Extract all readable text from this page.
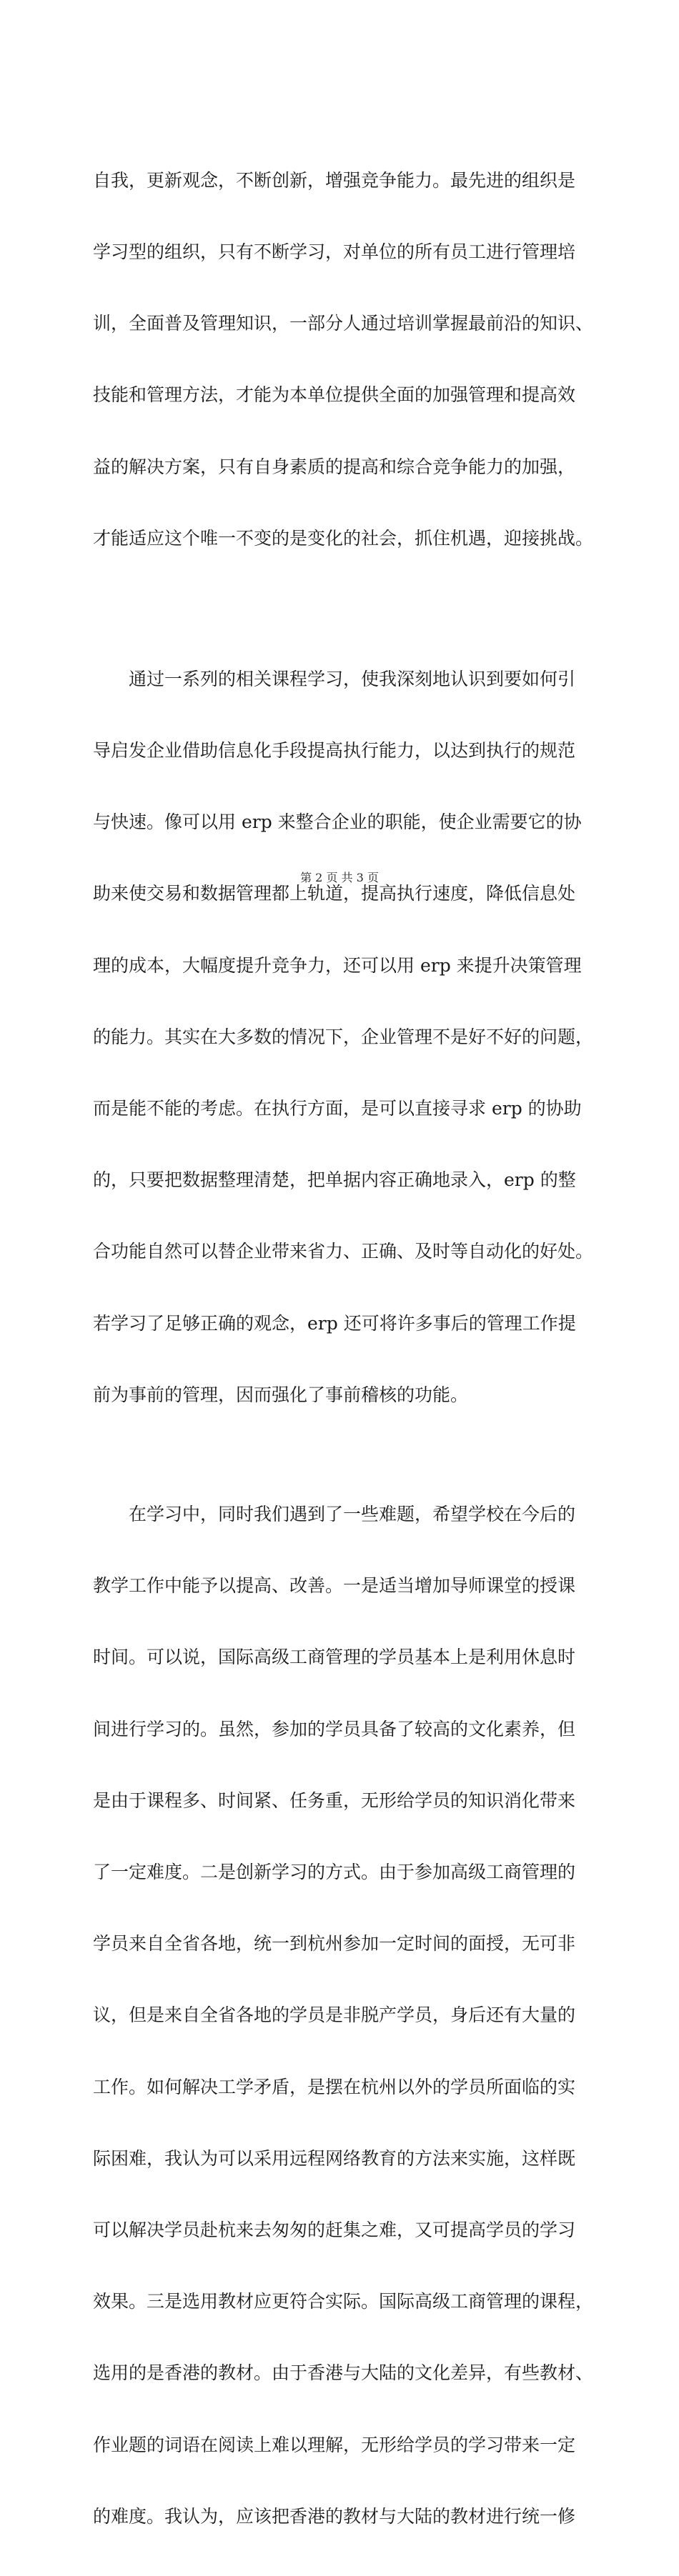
自我，更新观念，不断创新，增强竞争能力。最先进的组织是

学习型的组织，只有不断学习，对单位的所有员工进行管理培

训，全面普及管理知识，一部分人通过培训掌握最前沿的知识、

技能和管理方法，才能为本单位提供全面的加强管理和提高效

益的解决方案，只有自身素质的提高和综合竞争能力的加强，

才能适应这个唯一不变的是变化的社会，抓住机遇，迎接挑战。

　　通过一系列的相关课程学习，使我深刻地认识到要如何引

导启发企业借助信息化手段提高执行能力，以达到执行的规范

与快速。像可以用 erp 来整合企业的职能，使企业需要它的协

助来使交易和数据管理都上轨道，提高执行速度，降低信息处

理的成本，大幅度提升竞争力，还可以用 erp 来提升决策管理

的能力。其实在大多数的情况下，企业管理不是好不好的问题，

而是能不能的考虑。在执行方面，是可以直接寻求 erp 的协助

的，只要把数据整理清楚，把单据内容正确地录入，erp 的整

合功能自然可以替企业带来省力、正确、及时等自动化的好处。

若学习了足够正确的观念，erp 还可将许多事后的管理工作提

前为事前的管理，因而强化了事前稽核的功能。

　　在学习中，同时我们遇到了一些难题，希望学校在今后的

教学工作中能予以提高、改善。一是适当增加导师课堂的授课

时间。可以说，国际高级工商管理的学员基本上是利用休息时

间进行学习的。虽然，参加的学员具备了较高的文化素养，但

是由于课程多、时间紧、任务重，无形给学员的知识消化带来

了一定难度。二是创新学习的方式。由于参加高级工商管理的

学员来自全省各地，统一到杭州参加一定时间的面授，无可非

议，但是来自全省各地的学员是非脱产学员，身后还有大量的

工作。如何解决工学矛盾，是摆在杭州以外的学员所面临的实

际困难，我认为可以采用远程网络教育的方法来实施，这样既

可以解决学员赴杭来去匆匆的赶集之难，又可提高学员的学习

效果。三是选用教材应更符合实际。国际高级工商管理的课程，

选用的是香港的教材。由于香港与大陆的文化差异，有些教材、

作业题的词语在阅读上难以理解，无形给学员的学习带来一定

的难度。我认为，应该把香港的教材与大陆的教材进行统一修

第 2 页 共 3 页
